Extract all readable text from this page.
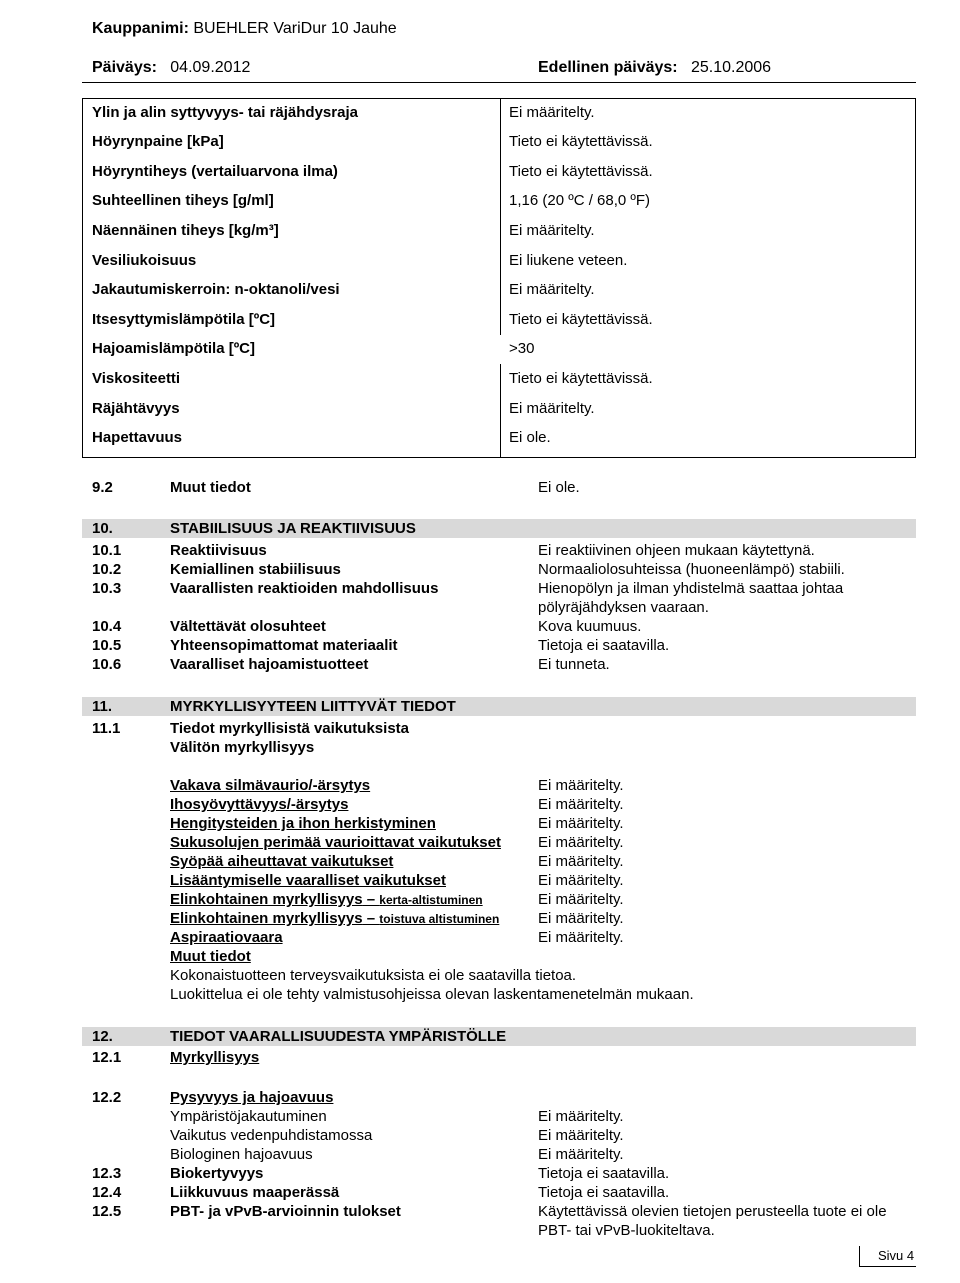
Kauppanimi: BUEHLER VariDur 10 Jauhe
Päiväys: 04.09.2012	Edellinen päiväys: 25.10.2006
Ylin ja alin syttyvyys- tai räjähdysraja	Ei määritelty.
Höyrynpaine [kPa]	Tieto ei käytettävissä.
Höyryntiheys (vertailuarvona ilma)	Tieto ei käytettävissä.
Suhteellinen tiheys [g/ml]	1,16 (20 ºC / 68,0 ºF)
Näennäinen tiheys [kg/m³]	Ei määritelty.
Vesiliukoisuus	Ei liukene veteen.
Jakautumiskerroin: n-oktanoli/vesi	Ei määritelty.
Itsesyttymislämpötila [ºC]	Tieto ei käytettävissä.
Hajoamislämpötila [ºC]	>30
Viskositeetti	Tieto ei käytettävissä.
Räjähtävyys	Ei määritelty.
Hapettavuus	Ei ole.
9.2	Muut tiedot	Ei ole.
10.	STABIILISUUS JA REAKTIIVISUUS
10.1	Reaktiivisuus	Ei reaktiivinen ohjeen mukaan käytettynä.
10.2	Kemiallinen stabiilisuus	Normaaliolosuhteissa (huoneenlämpö) stabiili.
10.3	Vaarallisten reaktioiden mahdollisuus	Hienopölyn ja ilman yhdistelmä saattaa johtaa
pölyräjähdyksen vaaraan.
10.4	Vältettävät olosuhteet	Kova kuumuus.
10.5	Yhteensopimattomat materiaalit	Tietoja ei saatavilla.
10.6	Vaaralliset hajoamistuotteet	Ei tunneta.
11.	MYRKYLLISYYTEEN LIITTYVÄT TIEDOT
11.1	Tiedot myrkyllisistä vaikutuksista
Välitön myrkyllisyys
Vakava silmävaurio/-ärsytys	Ei määritelty.
Ihosyövyttävyys/-ärsytys	Ei määritelty.
Hengitysteiden ja ihon herkistyminen	Ei määritelty.
Sukusolujen perimää vaurioittavat vaikutukset Ei määritelty.
Syöpää aiheuttavat vaikutukset	Ei määritelty.
Lisääntymiselle vaaralliset vaikutukset	Ei määritelty.
Elinkohtainen myrkyllisyys – kerta-altistuminen	Ei määritelty.
Elinkohtainen myrkyllisyys – toistuva altistuminen	Ei määritelty.
Aspiraatiovaara	Ei määritelty.
Muut tiedot
Kokonaistuotteen terveysvaikutuksista ei ole saatavilla tietoa.
Luokittelua ei ole tehty valmistusohjeissa olevan laskentamenetelmän mukaan.
12.	TIEDOT VAARALLISUUDESTA YMPÄRISTÖLLE
12.1	Myrkyllisyys
12.2	Pysyvyys ja hajoavuus
Ympäristöjakautuminen	Ei määritelty.
Vaikutus vedenpuhdistamossa	Ei määritelty.
Biologinen hajoavuus	Ei määritelty.
12.3	Biokertyvyys	Tietoja ei saatavilla.
12.4	Liikkuvuus maaperässä	Tietoja ei saatavilla.
12.5	PBT- ja vPvB-arvioinnin tulokset	Käytettävissä olevien tietojen perusteella tuote ei ole
PBT- tai vPvB-luokiteltava.
Sivu 4
